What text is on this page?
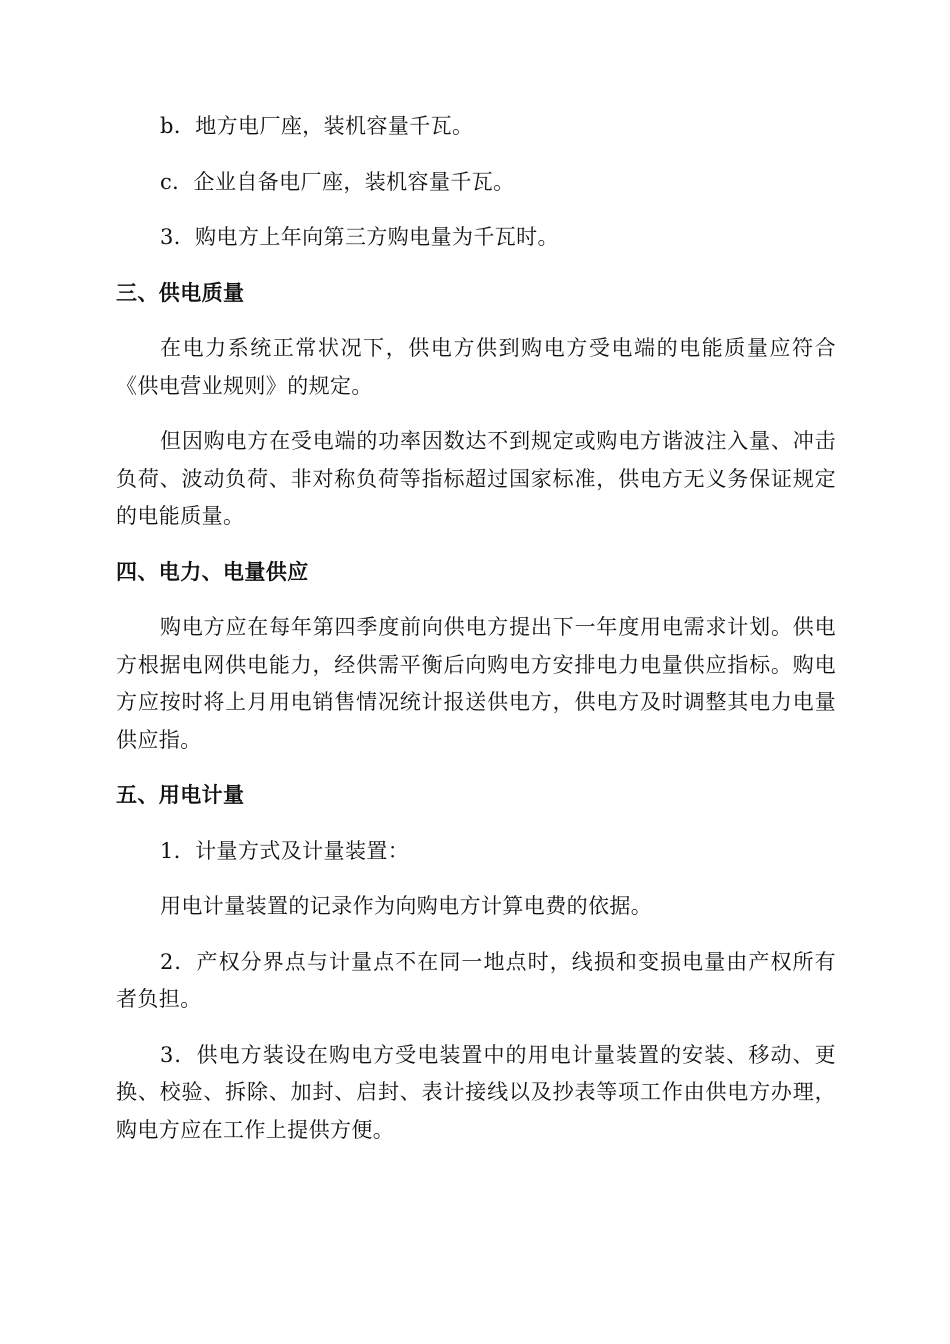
b．地方电厂座，装机容量千瓦。

c．企业自备电厂座，装机容量千瓦。

3．购电方上年向第三方购电量为千瓦时。

三、供电质量

在电力系统正常状况下，供电方供到购电方受电端的电能质量应符合《供电营业规则》的规定。

但因购电方在受电端的功率因数达不到规定或购电方谐波注入量、冲击负荷、波动负荷、非对称负荷等指标超过国家标准，供电方无义务保证规定的电能质量。

四、电力、电量供应

购电方应在每年第四季度前向供电方提出下一年度用电需求计划。供电方根据电网供电能力，经供需平衡后向购电方安排电力电量供应指标。购电方应按时将上月用电销售情况统计报送供电方，供电方及时调整其电力电量供应指。

五、用电计量

1．计量方式及计量装置：

用电计量装置的记录作为向购电方计算电费的依据。

2．产权分界点与计量点不在同一地点时，线损和变损电量由产权所有者负担。

3．供电方装设在购电方受电装置中的用电计量装置的安装、移动、更换、校验、拆除、加封、启封、表计接线以及抄表等项工作由供电方办理，购电方应在工作上提供方便。
